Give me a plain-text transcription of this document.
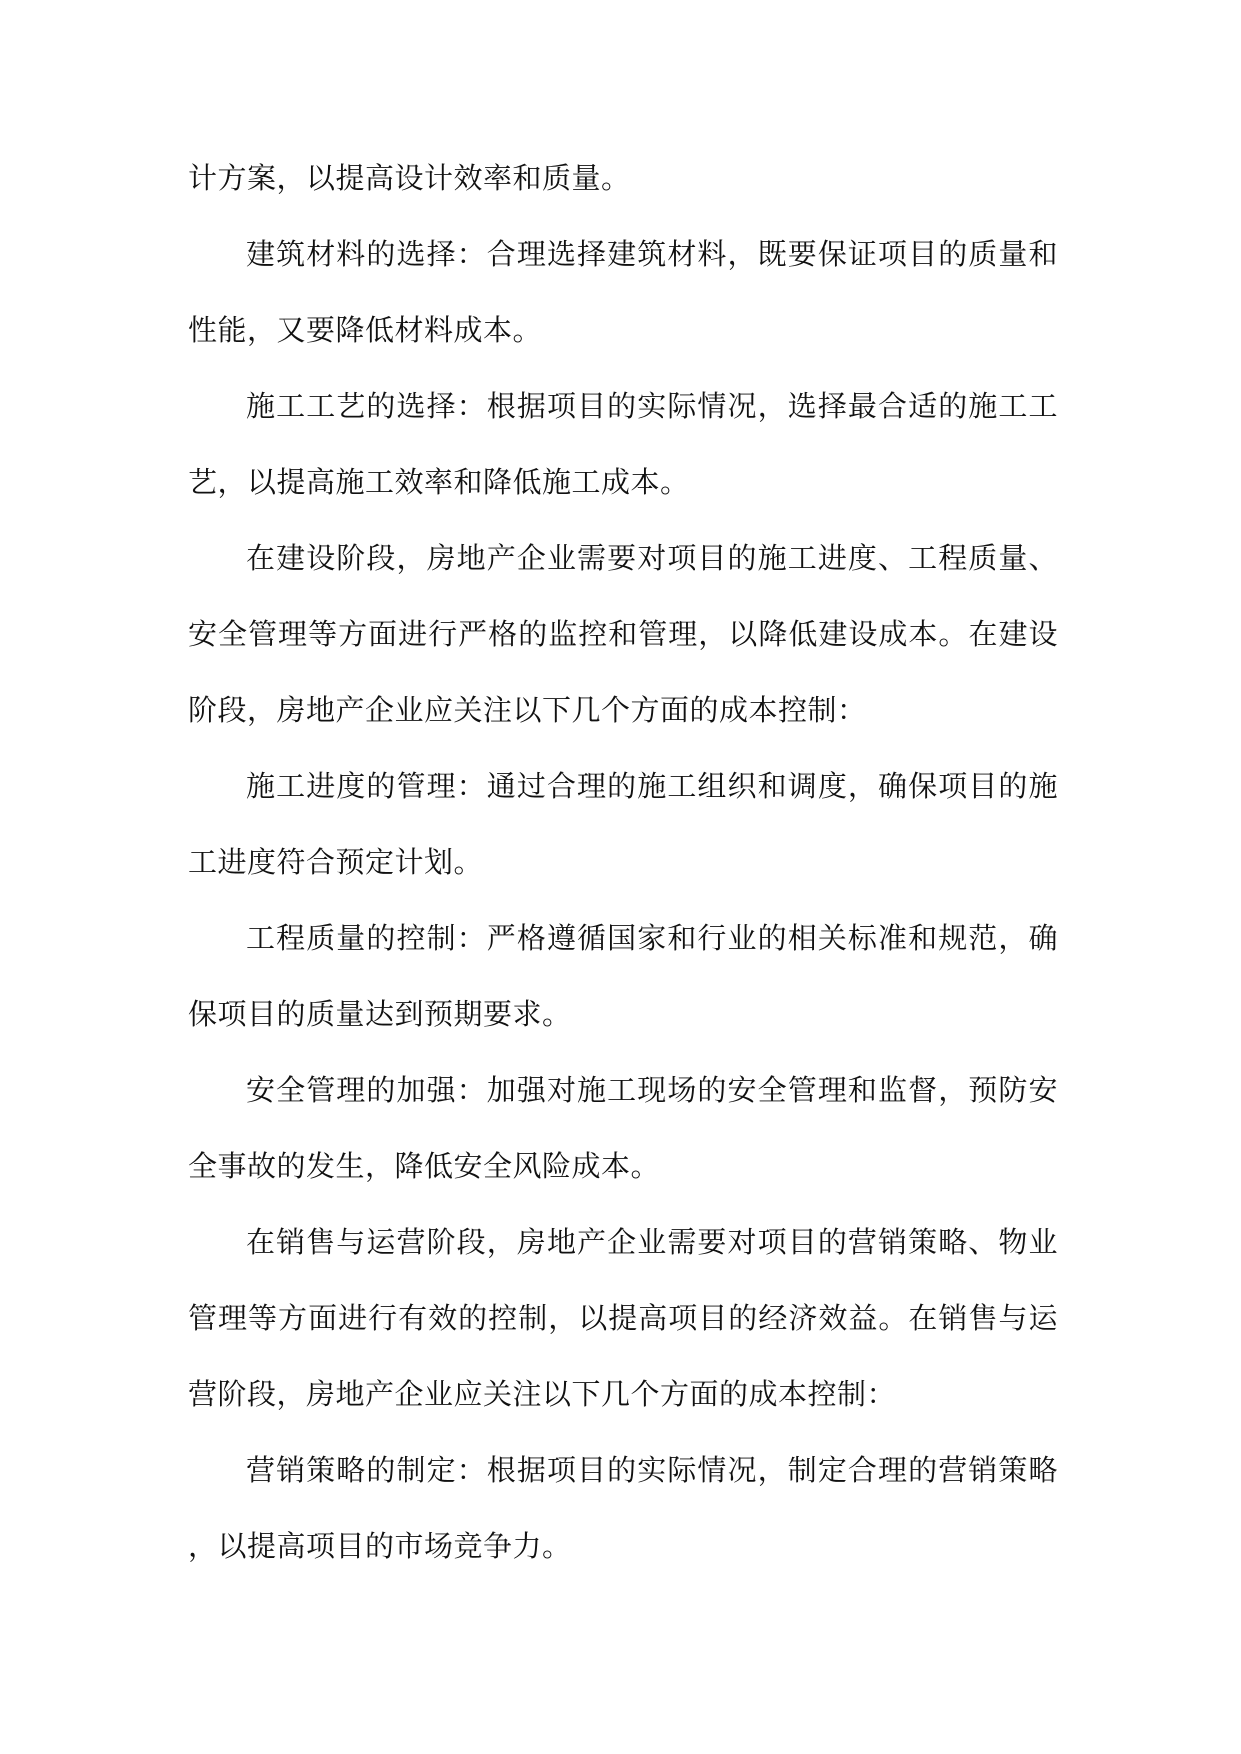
计方案，以提高设计效率和质量。

建筑材料的选择：合理选择建筑材料，既要保证项目的质量和性能，又要降低材料成本。

施工工艺的选择：根据项目的实际情况，选择最合适的施工工艺，以提高施工效率和降低施工成本。

在建设阶段，房地产企业需要对项目的施工进度、工程质量、安全管理等方面进行严格的监控和管理，以降低建设成本。在建设阶段，房地产企业应关注以下几个方面的成本控制：

施工进度的管理：通过合理的施工组织和调度，确保项目的施工进度符合预定计划。

工程质量的控制：严格遵循国家和行业的相关标准和规范，确保项目的质量达到预期要求。

安全管理的加强：加强对施工现场的安全管理和监督，预防安全事故的发生，降低安全风险成本。

在销售与运营阶段，房地产企业需要对项目的营销策略、物业管理等方面进行有效的控制，以提高项目的经济效益。在销售与运营阶段，房地产企业应关注以下几个方面的成本控制：

营销策略的制定：根据项目的实际情况，制定合理的营销策略，以提高项目的市场竞争力。
